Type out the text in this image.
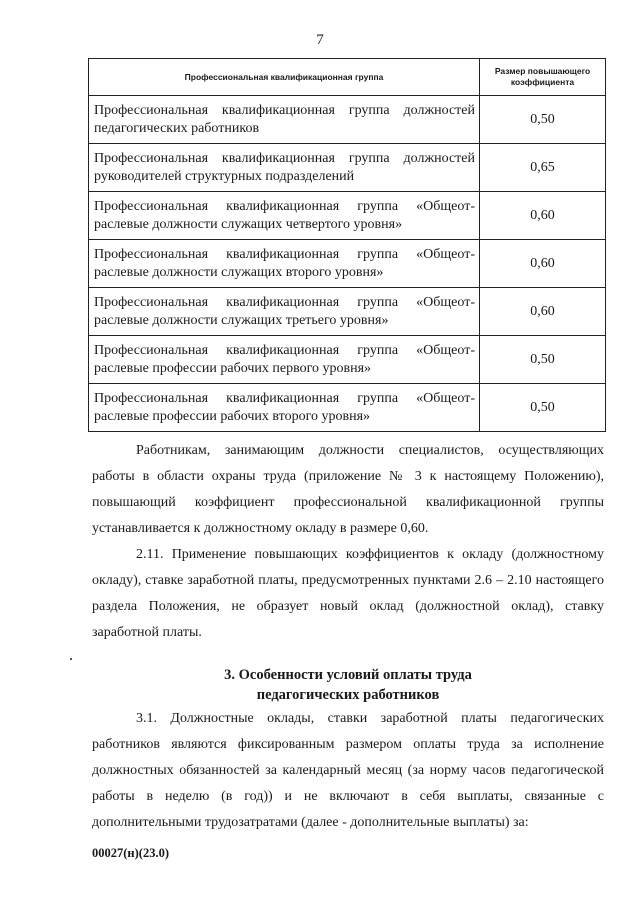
7
Профессиональная квалификационная группа	Размер повышающего коэффициента
Профессиональная квалификационная группа должностей педагогических работников	0,50
Профессиональная квалификационная группа должностей руководителей структурных подразделений	0,65
Профессиональная квалификационная группа «Общеот-раслевые должности служащих четвертого уровня»	0,60
Профессиональная квалификационная группа «Общеот-раслевые должности служащих второго уровня»	0,60
Профессиональная квалификационная группа «Общеот-раслевые должности служащих третьего уровня»	0,60
Профессиональная квалификационная группа «Общеот-раслевые профессии рабочих первого уровня»	0,50
Профессиональная квалификационная группа «Общеот-раслевые профессии рабочих второго уровня»	0,50
Работникам, занимающим должности специалистов, осуществляющих работы в области охраны труда (приложение № 3 к настоящему Положению), повышающий коэффициент профессиональной квалификационной группы устанавливается к должностному окладу в размере 0,60.
2.11. Применение повышающих коэффициентов к окладу (должностному окладу), ставке заработной платы, предусмотренных пунктами 2.6 – 2.10 настоящего раздела Положения, не образует новый оклад (должностной оклад), ставку заработной платы.
3. Особенности условий оплаты труда
педагогических работников
3.1. Должностные оклады, ставки заработной платы педагогических работников являются фиксированным размером оплаты труда за исполнение должностных обязанностей за календарный месяц (за норму часов педагогической работы в неделю (в год)) и не включают в себя выплаты, связанные с дополнительными трудозатратами (далее - дополнительные выплаты) за:
00027(н)(23.0)
